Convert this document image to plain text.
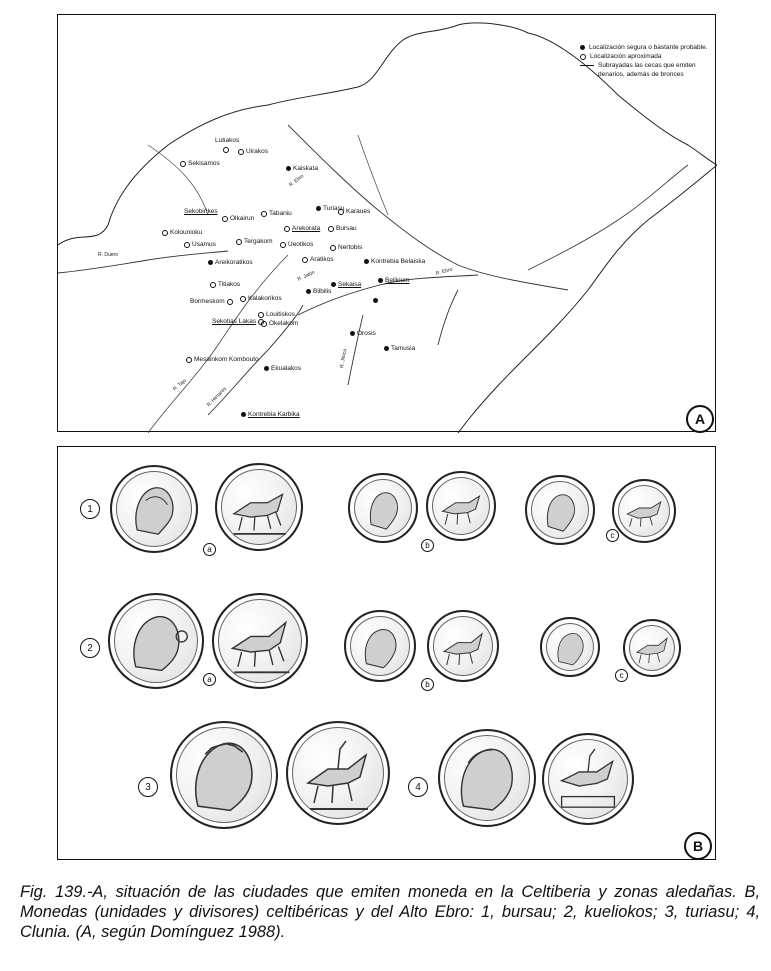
Localización segura o bastante probable.
Localización aproximada
Subrayadas las cecas que emiten denarios, además de bronces
Lutiakos
Uirakos
Sekisamos
Kaiskata
Sekobirikes
Olkairun
Tabaniu
Turiasu Karaues
Kolounioku
Arekorata Bursau
Usamus	Tergakom Ueotikos	Nertobis
Areikoratikos	Kontrebia Belaiska
Aratikos
Belikiom
Titiakos	Sekaisa
Bilbilis
Bormeskom	Kalakorikos
Sekotias Lakas
Louitiskos
Okelakom
Orosis
Tamusia
Mesainkom Kombouto
Ekualakos
Kontrebia Karbika
R. Duero
R. Ebro
R. Ebro
R. Jalón
R. Tajo
R. Jiloca
R. Henares
A
1
a	b
c
2
a
b
c
3	4
B
Fig. 139.-A, situación de las ciudades que emiten moneda en la Celtiberia y zonas aledañas. B, Monedas (unidades y divisores) celtibéricas y del Alto Ebro: 1, bursau; 2, kueliokos; 3, turiasu; 4, Clunia. (A, según Domínguez 1988).
